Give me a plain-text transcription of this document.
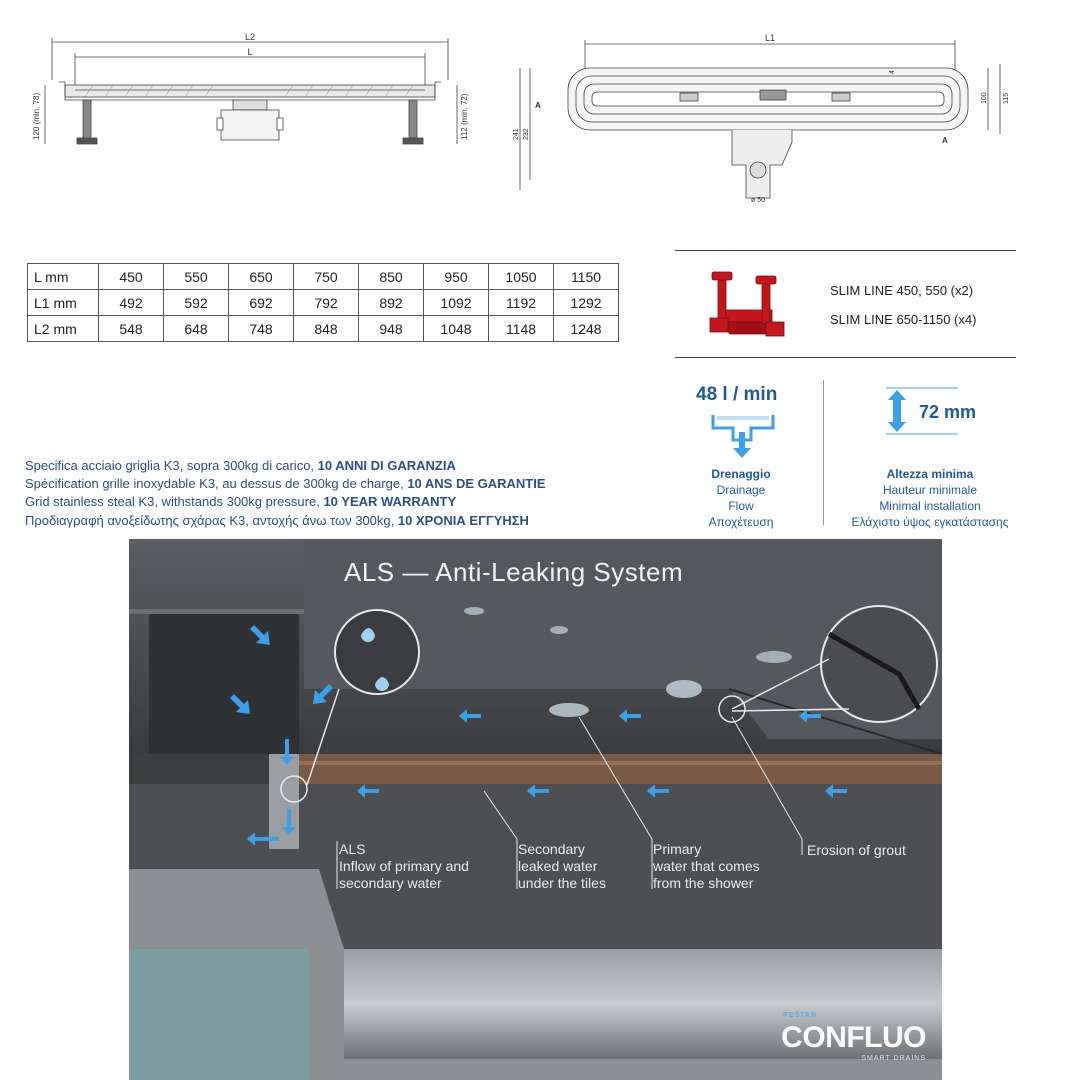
L2
L
120 (min. 78)	112 (min. 72)
L1
241 232
100 115
4
A
A
ø 50
L mm	450	550	650	750	850	950	1050	1150
L1 mm	492	592	692	792	892	1092	1192	1292
L2 mm	548	648	748	848	948	1048	1148	1248
SLIM LINE 450, 550 (x2)
SLIM LINE 650-1150 (x4)
48 l / min
Drenaggio
Drainage
Flow
Αποχέτευση
72 mm
Altezza minima
Hauteur minimale
Minimal installation
Ελάχιστο ύψος εγκατάστασης
Specifica acciaio griglia K3, sopra 300kg di carico, 10 ANNI DI GARANZIA
Spécification grille inoxydable K3, au dessus de 300kg de charge, 10 ANS DE GARANTIE
Grid stainless steal K3, withstands 300kg pressure, 10 YEAR WARRANTY
Προδιαγραφή ανοξείδωτης σχάρας K3, αντοχής άνω των 300kg, 10 ΧΡΟΝΙΑ ΕΓΓΥΗΣΗ
ALS — Anti-Leaking System
ALS
Inflow of primary and
secondary water
Secondary
leaked water
under the tiles
Primary
water that comes
from the shower
Erosion of grout
PEŠTAN
CONFLUO
SMART DRAINS
